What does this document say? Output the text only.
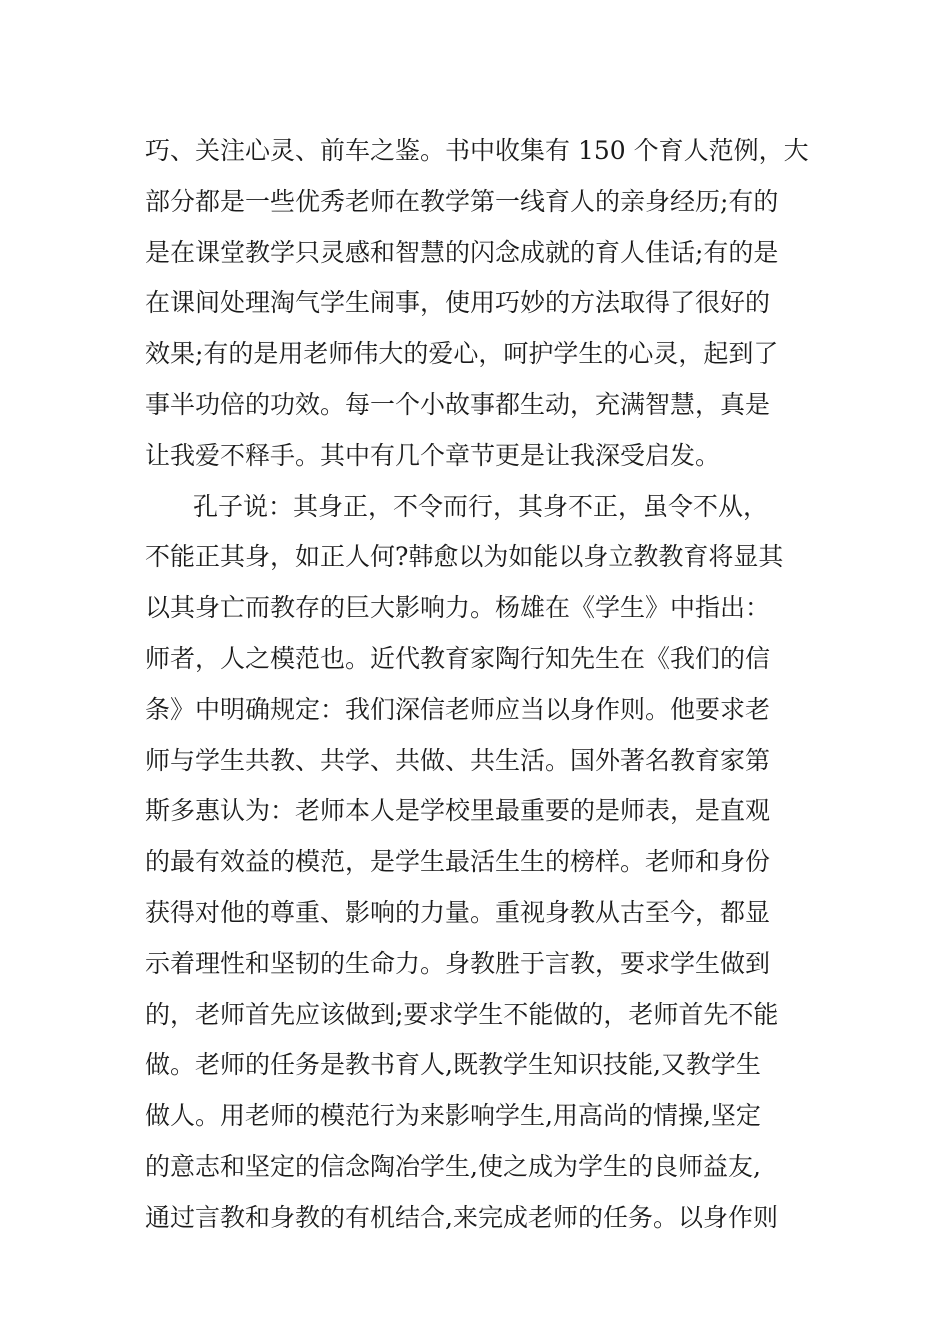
巧、关注心灵、前车之鉴。书中收集有 150 个育人范例，大
部分都是一些优秀老师在教学第一线育人的亲身经历;有的
是在课堂教学只灵感和智慧的闪念成就的育人佳话;有的是
在课间处理淘气学生闹事，使用巧妙的方法取得了很好的
效果;有的是用老师伟大的爱心，呵护学生的心灵，起到了
事半功倍的功效。每一个小故事都生动，充满智慧，真是
让我爱不释手。其中有几个章节更是让我深受启发。
孔子说：其身正，不令而行，其身不正，虽令不从，
不能正其身，如正人何?韩愈以为如能以身立教教育将显其
以其身亡而教存的巨大影响力。杨雄在《学生》中指出：
师者，人之模范也。近代教育家陶行知先生在《我们的信
条》中明确规定：我们深信老师应当以身作则。他要求老
师与学生共教、共学、共做、共生活。国外著名教育家第
斯多惠认为：老师本人是学校里最重要的是师表，是直观
的最有效益的模范，是学生最活生生的榜样。老师和身份
获得对他的尊重、影响的力量。重视身教从古至今，都显
示着理性和坚韧的生命力。身教胜于言教，要求学生做到
的，老师首先应该做到;要求学生不能做的，老师首先不能
做。老师的任务是教书育人,既教学生知识技能,又教学生
做人。用老师的模范行为来影响学生,用高尚的情操,坚定
的意志和坚定的信念陶冶学生,使之成为学生的良师益友,
通过言教和身教的有机结合,来完成老师的任务。以身作则
